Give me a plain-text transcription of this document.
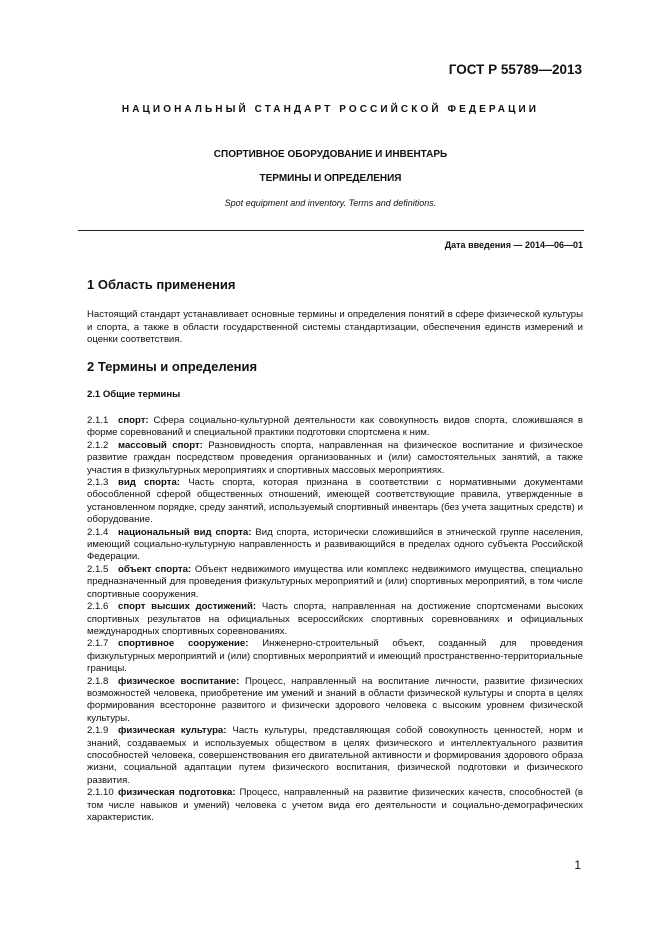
ГОСТ Р 55789—2013
НАЦИОНАЛЬНЫЙ СТАНДАРТ РОССИЙСКОЙ ФЕДЕРАЦИИ
СПОРТИВНОЕ ОБОРУДОВАНИЕ И ИНВЕНТАРЬ
ТЕРМИНЫ И ОПРЕДЕЛЕНИЯ
Spot equipment and inventory. Terms and definitions.
Дата введения — 2014—06—01
1 Область применения
Настоящий стандарт устанавливает основные термины и определения понятий в сфере физической культуры и спорта, а также в области государственной системы стандартизации, обеспечения единств измерений и оценки соответствия.
2 Термины и определения
2.1 Общие термины

2.1.1 спорт: Сфера социально-культурной деятельности как совокупность видов спорта, сложившаяся в форме соревнований и специальной практики подготовки спортсмена к ним.

2.1.2 массовый спорт: Разновидность спорта, направленная на физическое воспитание и физическое развитие граждан посредством проведения организованных и (или) самостоятельных занятий, а также участия в физкультурных мероприятиях и спортивных массовых мероприятиях.

2.1.3 вид спорта: Часть спорта, которая признана в соответствии с нормативными документами обособленной сферой общественных отношений, имеющей соответствующие правила, утвержденные в установленном порядке, среду занятий, используемый спортивный инвентарь (без учета защитных средств) и оборудование.

2.1.4 национальный вид спорта: Вид спорта, исторически сложившийся в этнической группе населения, имеющий социально-культурную направленность и развивающийся в пределах одного субъекта Российской Федерации.

2.1.5 объект спорта: Объект недвижимого имущества или комплекс недвижимого имущества, специально предназначенный для проведения физкультурных мероприятий и (или) спортивных мероприятий, в том числе спортивные сооружения.

2.1.6 спорт высших достижений: Часть спорта, направленная на достижение спортсменами высоких спортивных результатов на официальных всероссийских спортивных соревнованиях и официальных международных спортивных соревнованиях.

2.1.7 спортивное сооружение: Инженерно-строительный объект, созданный для проведения физкультурных мероприятий и (или) спортивных мероприятий и имеющий пространственно-территориальные границы.

2.1.8 физическое воспитание: Процесс, направленный на воспитание личности, развитие физических возможностей человека, приобретение им умений и знаний в области физической культуры и спорта в целях формирования всесторонне развитого и физически здорового человека с высоким уровнем физической культуры.

2.1.9 физическая культура: Часть культуры, представляющая собой совокупность ценностей, норм и знаний, создаваемых и используемых обществом в целях физического и интеллектуального развития способностей человека, совершенствования его двигательной активности и формирования здорового образа жизни, социальной адаптации путем физического воспитания, физической подготовки и физического развития.

2.1.10 физическая подготовка: Процесс, направленный на развитие физических качеств, способностей (в том числе навыков и умений) человека с учетом вида его деятельности и социально-демографических характеристик.

1
